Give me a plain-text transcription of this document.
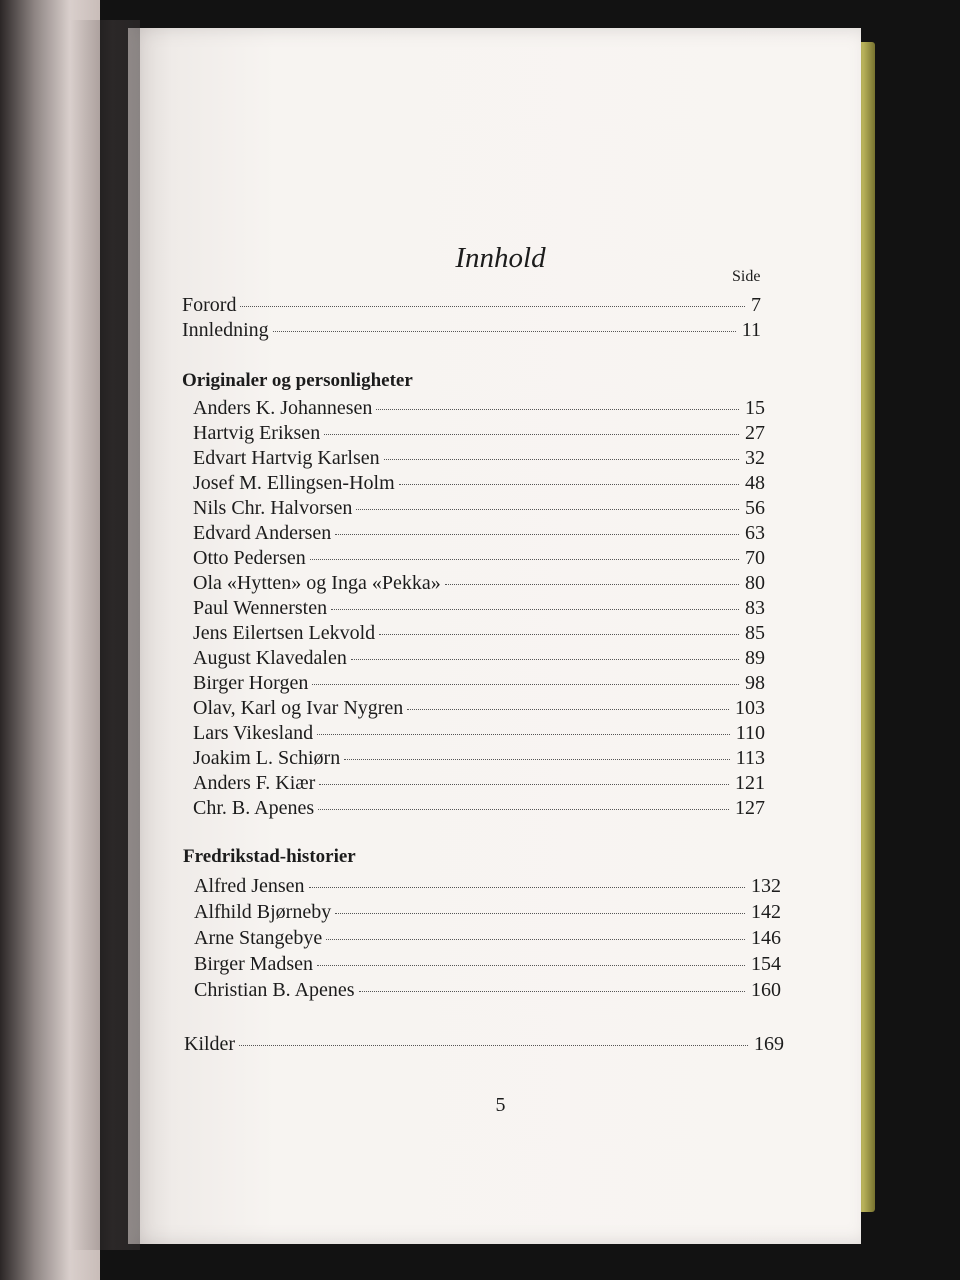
Innhold
Side
Forord	7
Innledning	11
Originaler og personligheter
Anders K. Johannesen	15
Hartvig Eriksen	27
Edvart Hartvig Karlsen	32
Josef M. Ellingsen-Holm	48
Nils Chr. Halvorsen	56
Edvard Andersen	63
Otto Pedersen	70
Ola «Hytten» og Inga «Pekka»	80
Paul Wennersten	83
Jens Eilertsen Lekvold	85
August Klavedalen	89
Birger Horgen	98
Olav, Karl og Ivar Nygren	103
Lars Vikesland	110
Joakim L. Schiørn	113
Anders F. Kiær	121
Chr. B. Apenes	127
Fredrikstad-historier
Alfred Jensen	132
Alfhild Bjørneby	142
Arne Stangebye	146
Birger Madsen	154
Christian B. Apenes	160
Kilder	169
5
